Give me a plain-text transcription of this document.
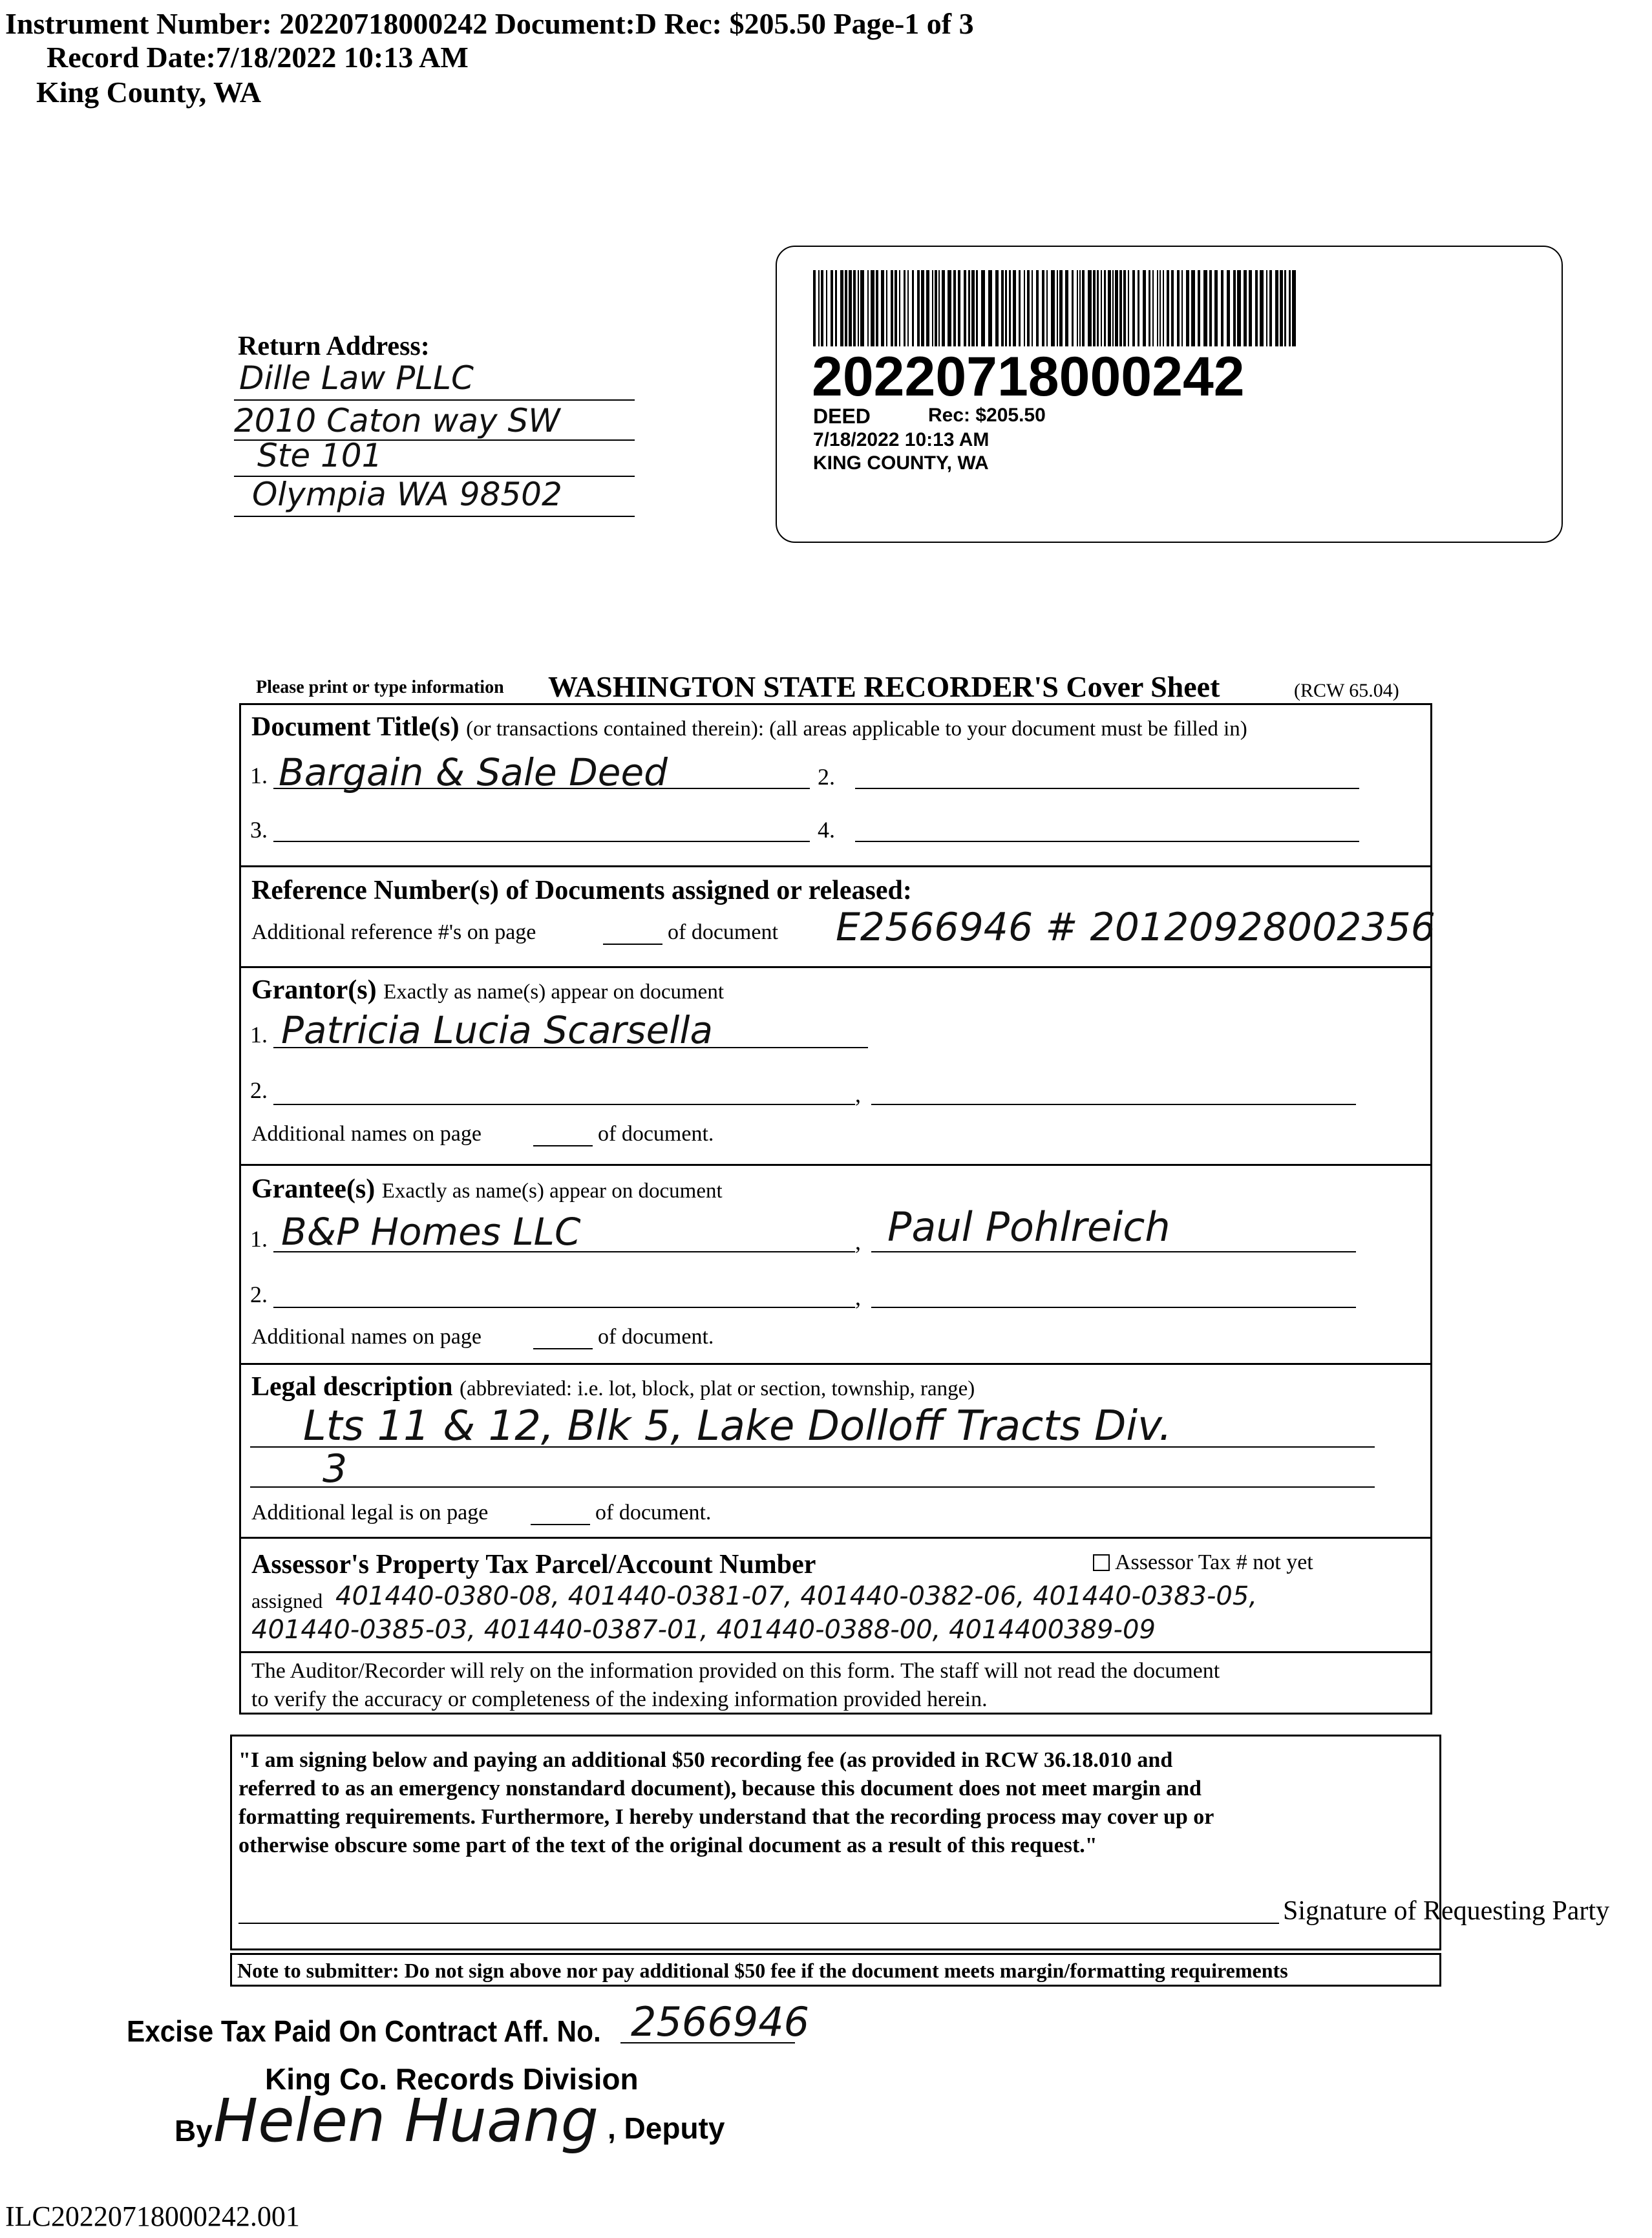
Instrument Number: 20220718000242 Document:D Rec: $205.50 Page-1 of 3
Record Date:7/18/2022 10:13 AM
King County, WA
Return Address:
Dille Law PLLC
2010 Caton way SW
Ste 101
Olympia WA 98502
20220718000242
DEED	Rec: $205.50
7/18/2022 10:13 AM
KING COUNTY, WA
Please print or type information WASHINGTON STATE RECORDER'S Cover Sheet	(RCW 65.04)
Document Title(s) (or transactions contained therein): (all areas applicable to your document must be filled in)
1. Bargain & Sale Deed	2.
3.	4.
Reference Number(s) of Documents assigned or released:
Additional reference #'s on page	of document E2566946 # 20120928002356
Grantor(s) Exactly as name(s) appear on document
1. Patricia Lucia Scarsella
2.	,
Additional names on page	of document.
Grantee(s) Exactly as name(s) appear on document
1. B&P Homes LLC	, Paul Pohlreich
2.	,
Additional names on page	of document.
Legal description (abbreviated: i.e. lot, block, plat or section, township, range)
Lts 11 & 12, Blk 5, Lake Dolloff Tracts Div.
3
Additional legal is on page	of document.
Assessor's Property Tax Parcel/Account Number	Assessor Tax # not yet
assigned 401440-0380-08, 401440-0381-07, 401440-0382-06, 401440-0383-05,
401440-0385-03, 401440-0387-01, 401440-0388-00, 4014400389-09
The Auditor/Recorder will rely on the information provided on this form. The staff will not read the document
to verify the accuracy or completeness of the indexing information provided herein.
"I am signing below and paying an additional $50 recording fee (as provided in RCW 36.18.010 and
referred to as an emergency nonstandard document), because this document does not meet margin and
formatting requirements. Furthermore, I hereby understand that the recording process may cover up or
otherwise obscure some part of the text of the original document as a result of this request."
Signature of Requesting Party
Note to submitter: Do not sign above nor pay additional $50 fee if the document meets margin/formatting requirements
Excise Tax Paid On Contract Aff. No. 2566946
King Co. Records Division
By Helen Huang , Deputy
ILC20220718000242.001
